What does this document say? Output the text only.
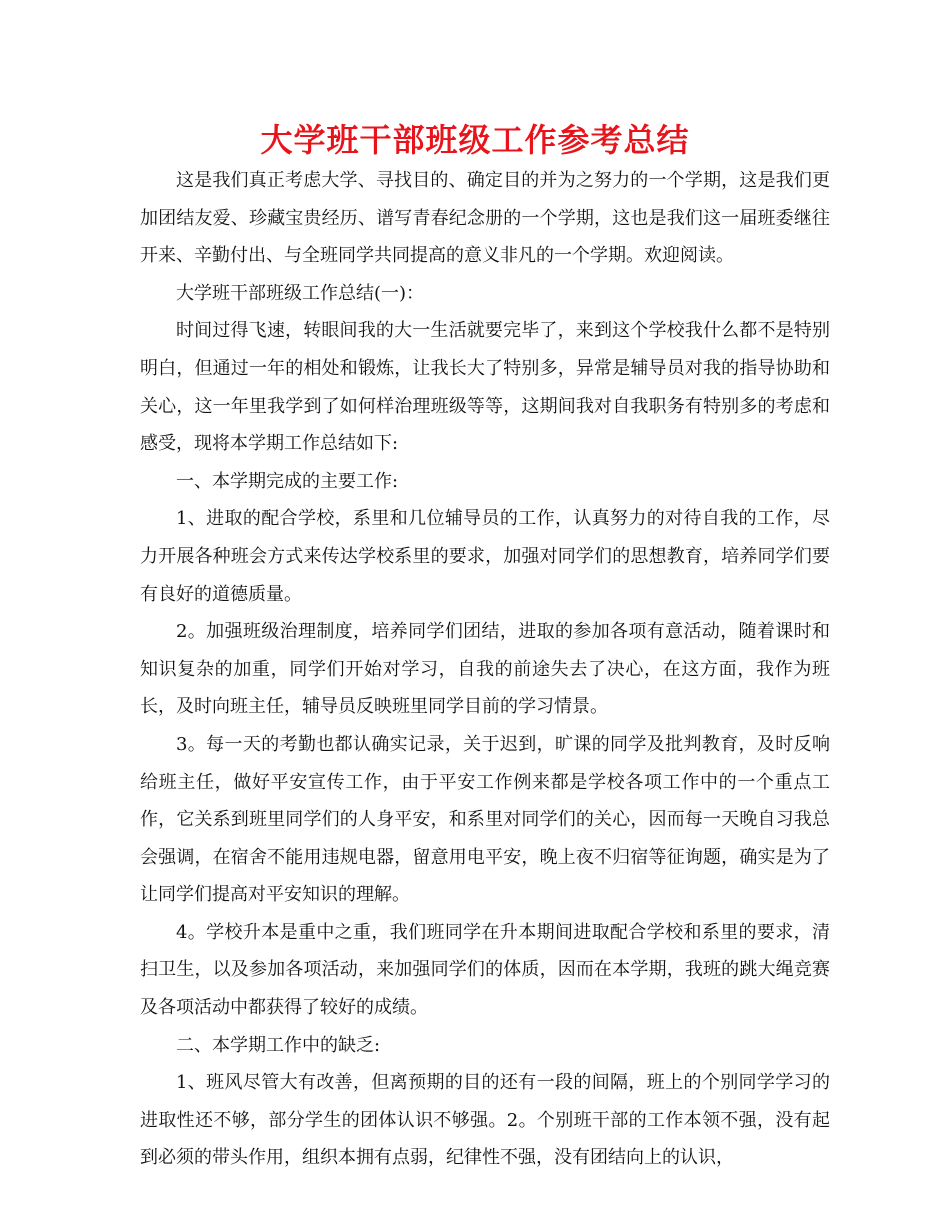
大学班干部班级工作参考总结

这是我们真正考虑大学、寻找目的、确定目的并为之努力的一个学期，这是我们更加团结友爱、珍藏宝贵经历、谱写青春纪念册的一个学期，这也是我们这一届班委继往开来、辛勤付出、与全班同学共同提高的意义非凡的一个学期。欢迎阅读。

大学班干部班级工作总结(一)：

时间过得飞速，转眼间我的大一生活就要完毕了，来到这个学校我什么都不是特别明白，但通过一年的相处和锻炼，让我长大了特别多，异常是辅导员对我的指导协助和关心，这一年里我学到了如何样治理班级等等，这期间我对自我职务有特别多的考虑和感受，现将本学期工作总结如下:

一、本学期完成的主要工作:

1、进取的配合学校，系里和几位辅导员的工作，认真努力的对待自我的工作，尽力开展各种班会方式来传达学校系里的要求，加强对同学们的思想教育，培养同学们要有良好的道德质量。

2。加强班级治理制度，培养同学们团结，进取的参加各项有意活动，随着课时和知识复杂的加重，同学们开始对学习，自我的前途失去了决心，在这方面，我作为班长，及时向班主任，辅导员反映班里同学目前的学习情景。

3。每一天的考勤也都认确实记录，关于迟到，旷课的同学及批判教育，及时反响给班主任，做好平安宣传工作，由于平安工作例来都是学校各项工作中的一个重点工作，它关系到班里同学们的人身平安，和系里对同学们的关心，因而每一天晚自习我总会强调，在宿舍不能用违规电器，留意用电平安，晚上夜不归宿等征询题，确实是为了让同学们提高对平安知识的理解。

4。学校升本是重中之重，我们班同学在升本期间进取配合学校和系里的要求，清扫卫生，以及参加各项活动，来加强同学们的体质，因而在本学期，我班的跳大绳竞赛及各项活动中都获得了较好的成绩。

二、本学期工作中的缺乏:

1、班风尽管大有改善，但离预期的目的还有一段的间隔，班上的个别同学学习的进取性还不够，部分学生的团体认识不够强。2。个别班干部的工作本领不强，没有起到必须的带头作用，组织本拥有点弱，纪律性不强，没有团结向上的认识，
